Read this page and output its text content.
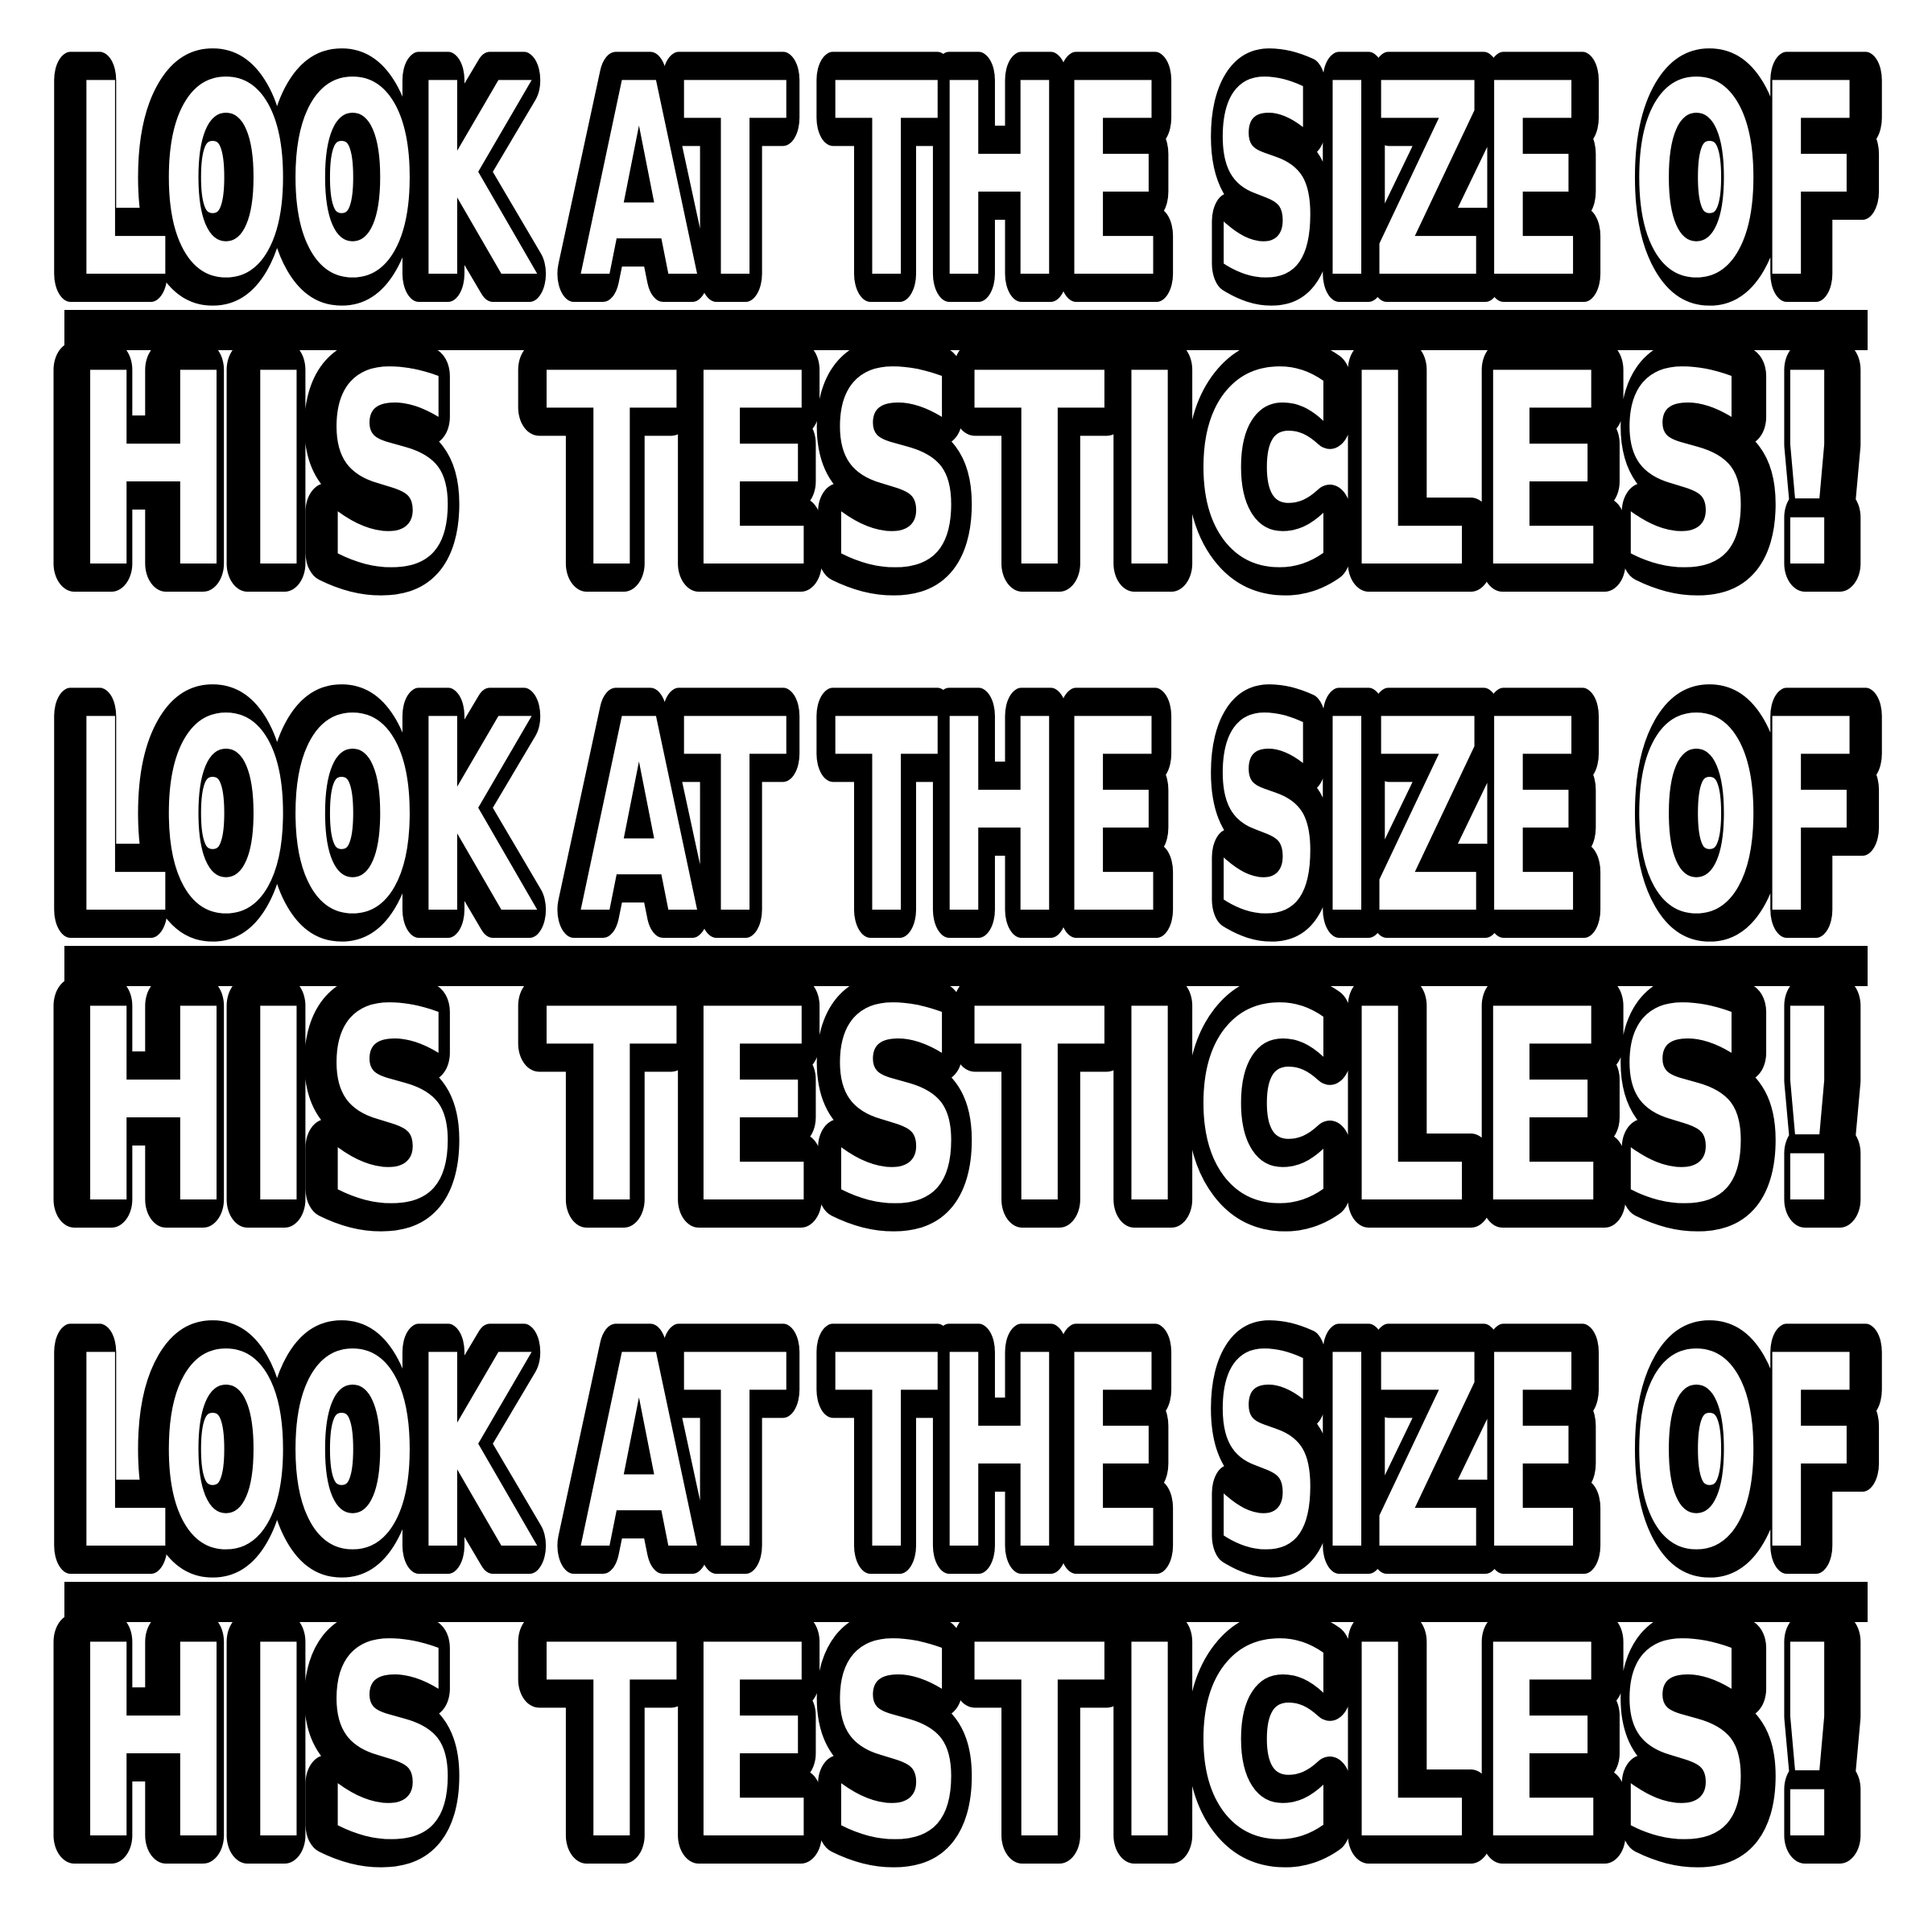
LOOK AT THE SIZE OF
HIS TESTICLES!
LOOK AT THE SIZE OF
HIS TESTICLES!
LOOK AT THE SIZE OF
HIS TESTICLES!
LOOK AT THE SIZE OF
HIS TESTICLES!
LOOK AT THE SIZE OF
HIS TESTICLES!
LOOK AT THE SIZE OF
HIS TESTICLES!
